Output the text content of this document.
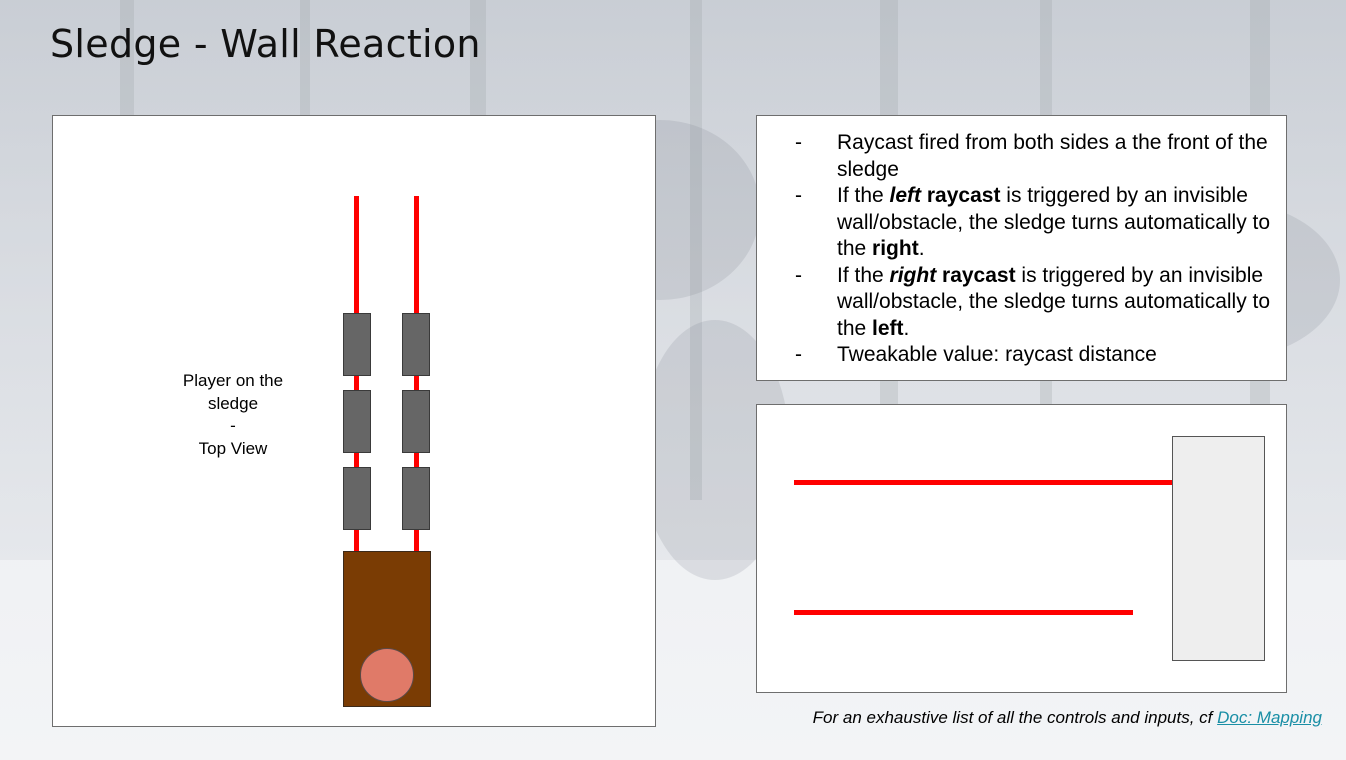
Sledge - Wall Reaction
Player on the
sledge
-
Top View
- Raycast fired from both sides a the front of the sledge
- If the left raycast is triggered by an invisible wall/obstacle, the sledge turns automatically to the right.
- If the right raycast is triggered by an invisible wall/obstacle, the sledge turns automatically to the left.
- Tweakable value: raycast distance
For an exhaustive list of all the controls and inputs, cf Doc: Mapping
